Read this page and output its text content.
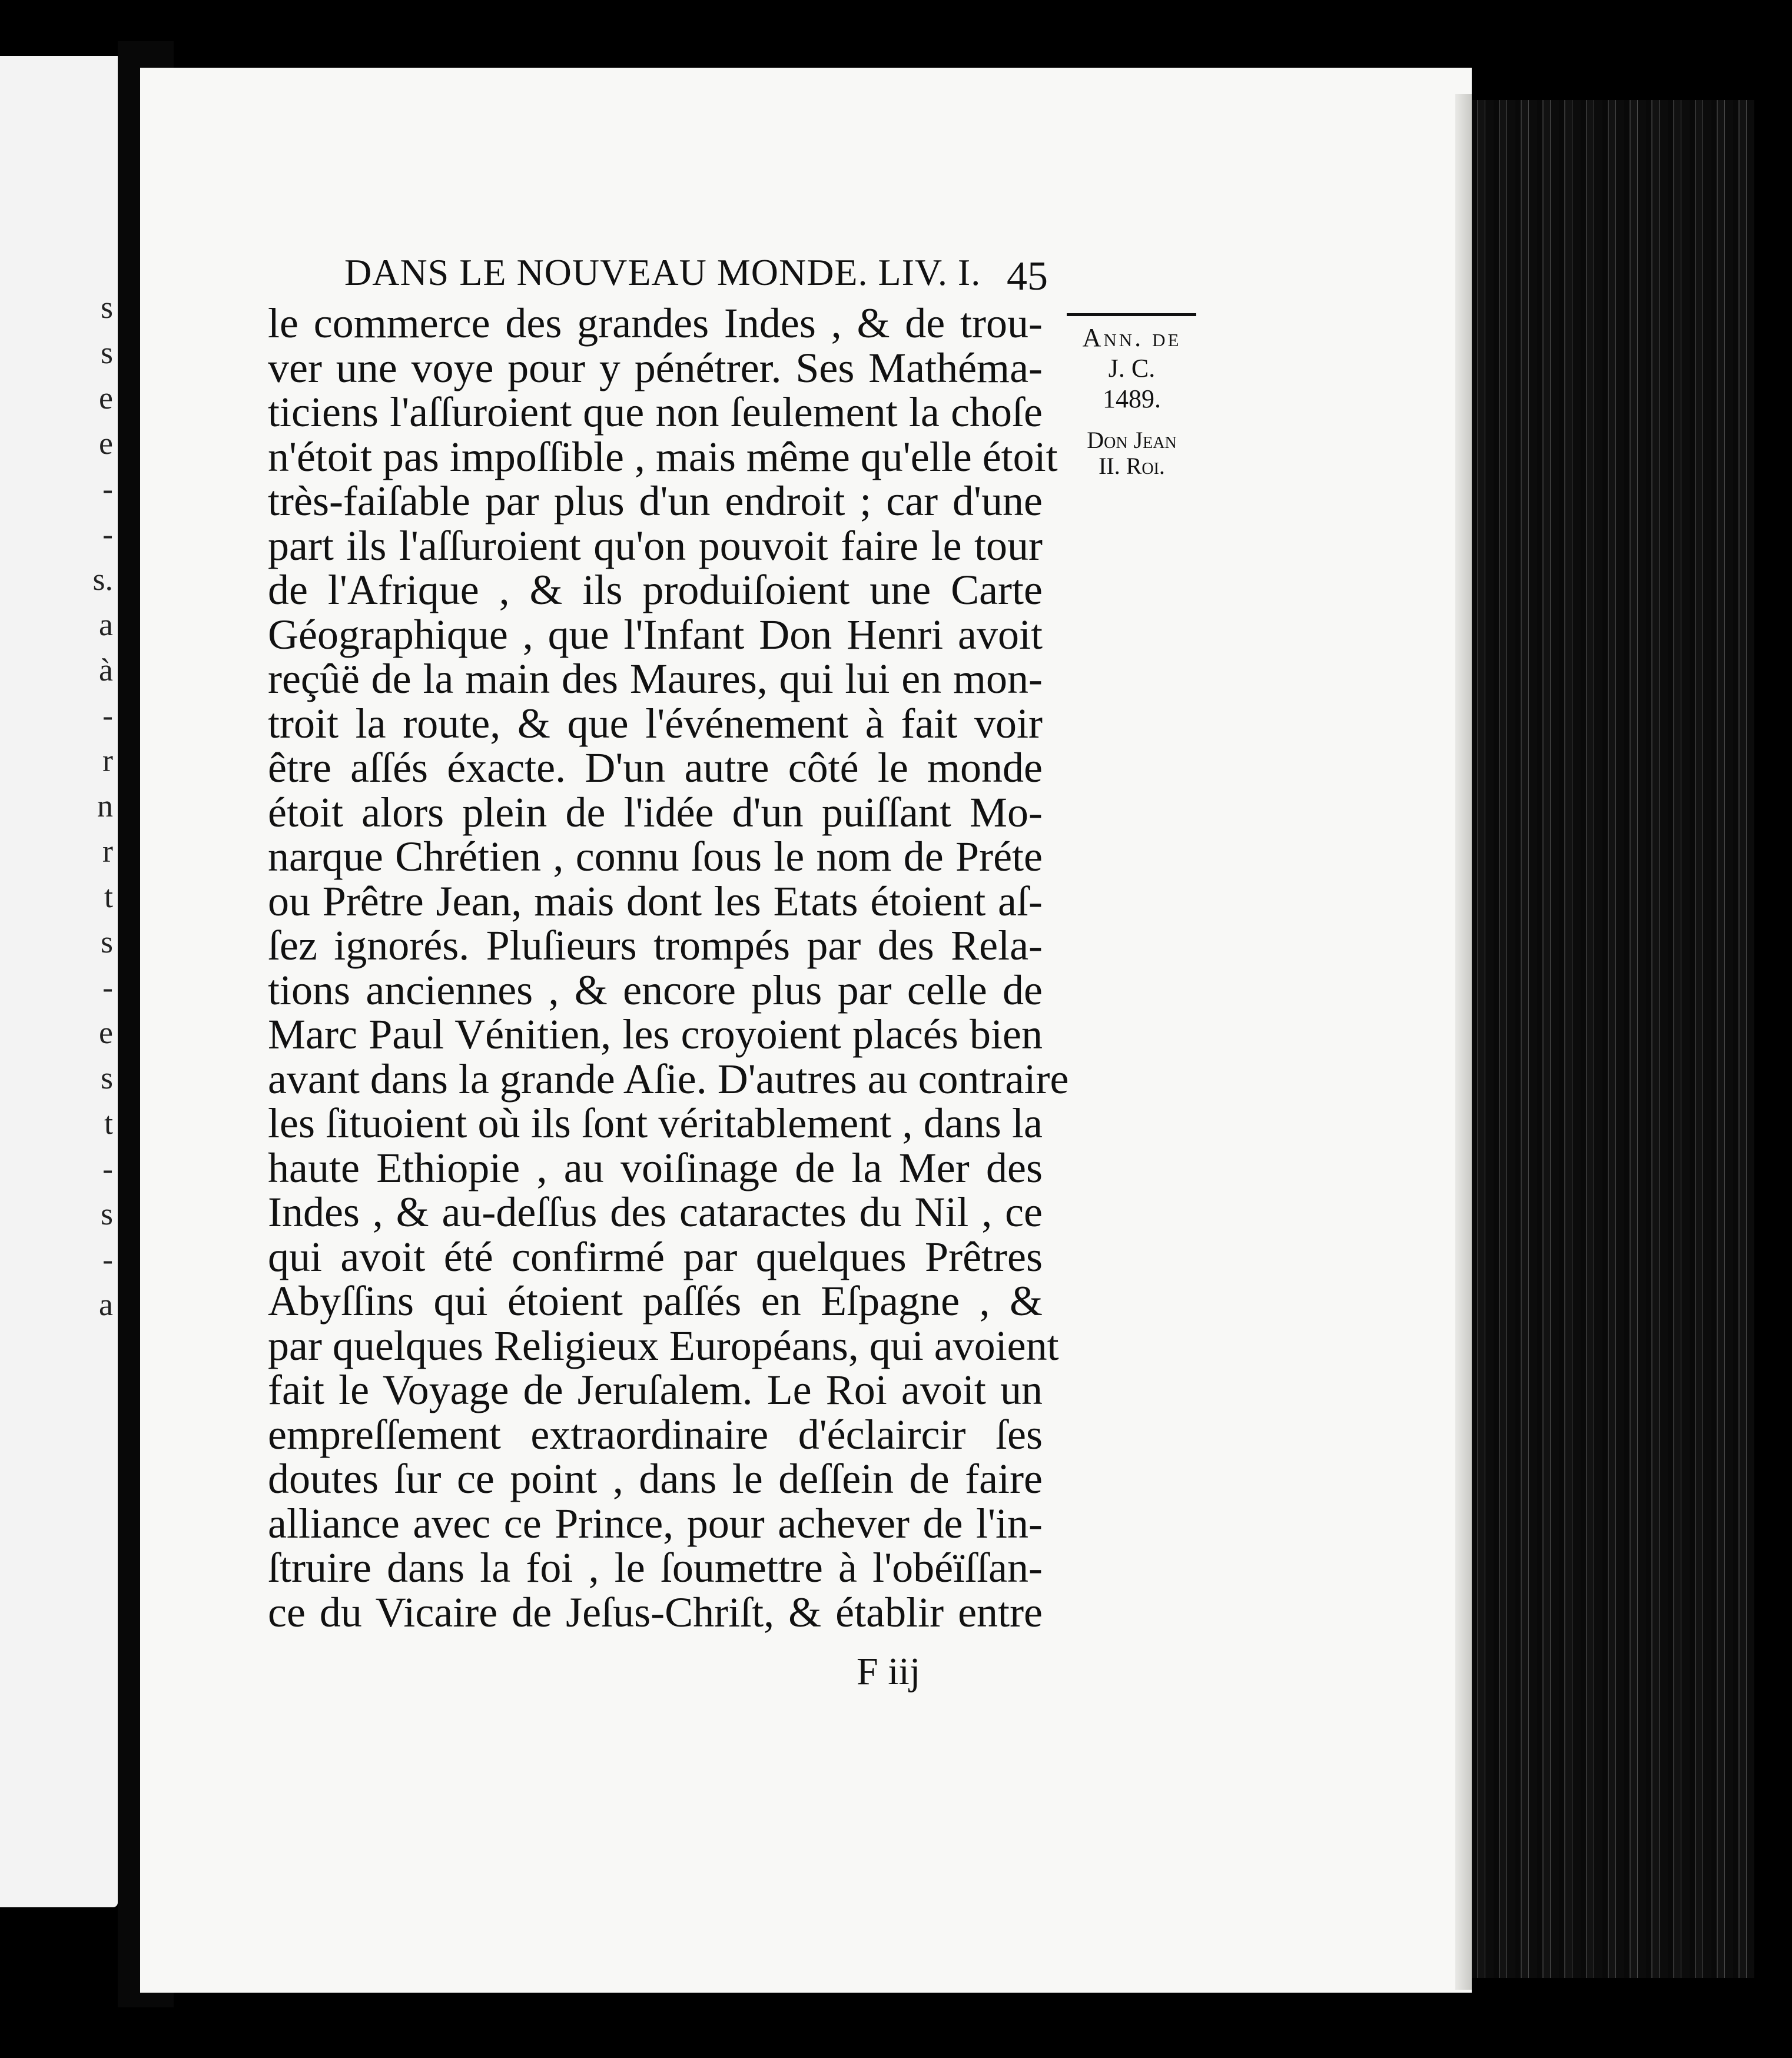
s
s
e
e
-
-
s.
a
à
-
r
n
r
t
s
-
e
s
t
-
s
-
a
DANS LE NOUVEAU MONDE. LIV. I. 45
Ann. de
J. C.
1489.
Don Jean
II. Roi.
le commerce des grandes Indes , & de trou-
ver une voye pour y pénétrer. Ses Mathéma-
ticiens l'aſſuroient que non ſeulement la choſe
n'étoit pas impoſſible , mais même qu'elle étoit
très-faiſable par plus d'un endroit ; car d'une
part ils l'aſſuroient qu'on pouvoit faire le tour
de l'Afrique , & ils produiſoient une Carte
Géographique , que l'Infant Don Henri avoit
reçûë de la main des Maures, qui lui en mon-
troit la route, & que l'événement à fait voir
être aſſés éxacte. D'un autre côté le monde
étoit alors plein de l'idée d'un puiſſant Mo-
narque Chrétien , connu ſous le nom de Préte
ou Prêtre Jean, mais dont les Etats étoient aſ-
ſez ignorés. Pluſieurs trompés par des Rela-
tions anciennes , & encore plus par celle de
Marc Paul Vénitien, les croyoient placés bien
avant dans la grande Aſie. D'autres au contraire
les ſituoient où ils ſont véritablement , dans la
haute Ethiopie , au voiſinage de la Mer des
Indes , & au-deſſus des cataractes du Nil , ce
qui avoit été confirmé par quelques Prêtres
Abyſſins qui étoient paſſés en Eſpagne , &
par quelques Religieux Européans, qui avoient
fait le Voyage de Jeruſalem. Le Roi avoit un
empreſſement extraordinaire d'éclaircir ſes
doutes ſur ce point , dans le deſſein de faire
alliance avec ce Prince, pour achever de l'in-
ſtruire dans la foi , le ſoumettre à l'obéïſſan-
ce du Vicaire de Jeſus-Chriſt, & établir entre
F iij
